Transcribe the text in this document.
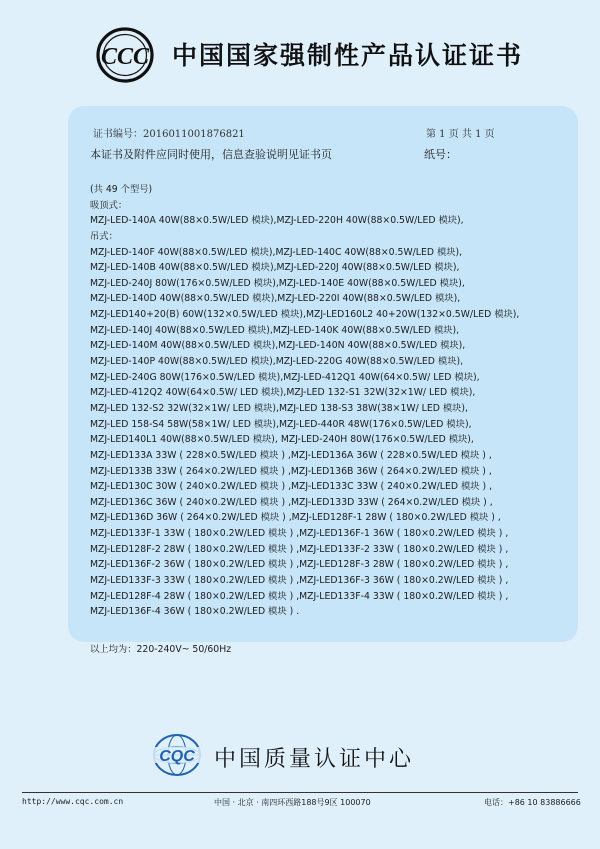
CCC 中国国家强制性产品认证证书
证书编号：2016011001876821	第 1 页 共 1 页
本证书及附件应同时使用，信息查验说明见证书页	纸号：
(共 49 个型号)
吸顶式：
MZJ-LED-140A 40W(88×0.5W/LED 模块),MZJ-LED-220H 40W(88×0.5W/LED 模块),
吊式：
MZJ-LED-140F 40W(88×0.5W/LED 模块),MZJ-LED-140C 40W(88×0.5W/LED 模块),
MZJ-LED-140B 40W(88×0.5W/LED 模块),MZJ-LED-220J 40W(88×0.5W/LED 模块),
MZJ-LED-240J 80W(176×0.5W/LED 模块),MZJ-LED-140E 40W(88×0.5W/LED 模块),
MZJ-LED-140D 40W(88×0.5W/LED 模块),MZJ-LED-220I 40W(88×0.5W/LED 模块),
MZJ-LED140+20(B) 60W(132×0.5W/LED 模块),MZJ-LED160L2 40+20W(132×0.5W/LED 模块),
MZJ-LED-140J 40W(88×0.5W/LED 模块),MZJ-LED-140K 40W(88×0.5W/LED 模块),
MZJ-LED-140M 40W(88×0.5W/LED 模块),MZJ-LED-140N 40W(88×0.5W/LED 模块),
MZJ-LED-140P 40W(88×0.5W/LED 模块),MZJ-LED-220G 40W(88×0.5W/LED 模块),
MZJ-LED-240G 80W(176×0.5W/LED 模块),MZJ-LED-412Q1 40W(64×0.5W/ LED 模块),
MZJ-LED-412Q2 40W(64×0.5W/ LED 模块),MZJ-LED 132-S1 32W(32×1W/ LED 模块),
MZJ-LED 132-S2 32W(32×1W/ LED 模块),MZJ-LED 138-S3 38W(38×1W/ LED 模块),
MZJ-LED 158-S4 58W(58×1W/ LED 模块),MZJ-LED-440R 48W(176×0.5W/LED 模块),
MZJ-LED140L1 40W(88×0.5W/LED 模块), MZJ-LED-240H 80W(176×0.5W/LED 模块),
MZJ-LED133A 33W ( 228×0.5W/LED 模块 ) ,MZJ-LED136A 36W ( 228×0.5W/LED 模块 ) ,
MZJ-LED133B 33W ( 264×0.2W/LED 模块 ) ,MZJ-LED136B 36W ( 264×0.2W/LED 模块 ) ,
MZJ-LED130C 30W ( 240×0.2W/LED 模块 ) ,MZJ-LED133C 33W ( 240×0.2W/LED 模块 ) ,
MZJ-LED136C 36W ( 240×0.2W/LED 模块 ) ,MZJ-LED133D 33W ( 264×0.2W/LED 模块 ) ,
MZJ-LED136D 36W ( 264×0.2W/LED 模块 ) ,MZJ-LED128F-1 28W ( 180×0.2W/LED 模块 ) ,
MZJ-LED133F-1 33W ( 180×0.2W/LED 模块 ) ,MZJ-LED136F-1 36W ( 180×0.2W/LED 模块 ) ,
MZJ-LED128F-2 28W ( 180×0.2W/LED 模块 ) ,MZJ-LED133F-2 33W ( 180×0.2W/LED 模块 ) ,
MZJ-LED136F-2 36W ( 180×0.2W/LED 模块 ) ,MZJ-LED128F-3 28W ( 180×0.2W/LED 模块 ) ,
MZJ-LED133F-3 33W ( 180×0.2W/LED 模块 ) ,MZJ-LED136F-3 36W ( 180×0.2W/LED 模块 ) ,
MZJ-LED128F-4 28W ( 180×0.2W/LED 模块 ) ,MZJ-LED133F-4 33W ( 180×0.2W/LED 模块 ) ,
MZJ-LED136F-4 36W ( 180×0.2W/LED 模块 ) .
以上均为：220-240V~ 50/60Hz
CQC 中国质量认证中心
http://www.cqc.com.cn	中国 · 北京 · 南四环西路188号9区 100070	电话：+86 10 83886666
